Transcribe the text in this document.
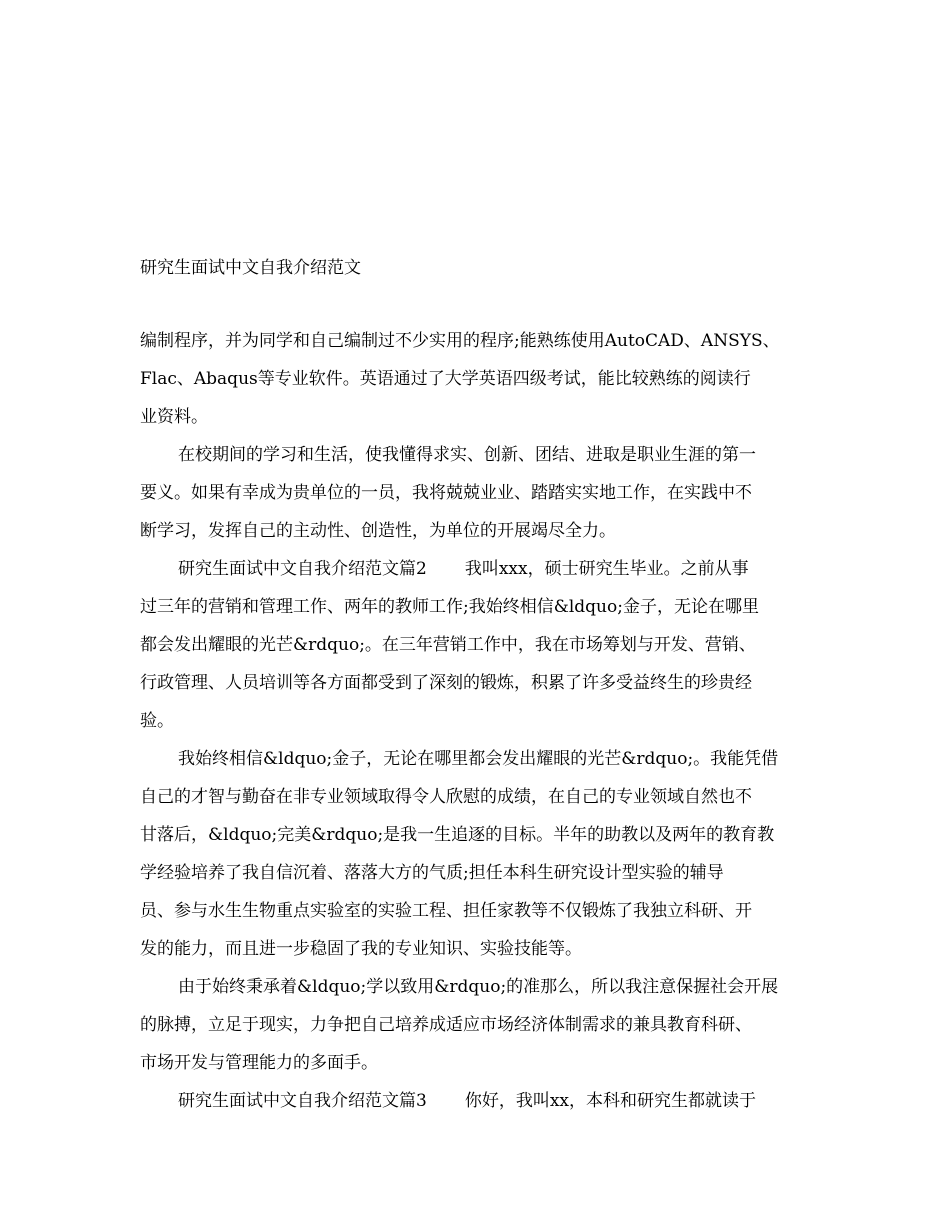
研究生面试中文自我介绍范文
编制程序，并为同学和自己编制过不少实用的程序;能熟练使用AutoCAD、ANSYS、
Flac、Abaqus等专业软件。英语通过了大学英语四级考试，能比较熟练的阅读行
业资料。
在校期间的学习和生活，使我懂得求实、创新、团结、进取是职业生涯的第一
要义。如果有幸成为贵单位的一员，我将兢兢业业、踏踏实实地工作，在实践中不
断学习，发挥自己的主动性、创造性，为单位的开展竭尽全力。
研究生面试中文自我介绍范文篇2 我叫xxx，硕士研究生毕业。之前从事
过三年的营销和管理工作、两年的教师工作;我始终相信&ldquo;金子，无论在哪里
都会发出耀眼的光芒&rdquo;。在三年营销工作中，我在市场筹划与开发、营销、
行政管理、人员培训等各方面都受到了深刻的锻炼，积累了许多受益终生的珍贵经
验。
我始终相信&ldquo;金子，无论在哪里都会发出耀眼的光芒&rdquo;。我能凭借
自己的才智与勤奋在非专业领域取得令人欣慰的成绩，在自己的专业领域自然也不
甘落后，&ldquo;完美&rdquo;是我一生追逐的目标。半年的助教以及两年的教育教
学经验培养了我自信沉着、落落大方的气质;担任本科生研究设计型实验的辅导
员、参与水生生物重点实验室的实验工程、担任家教等不仅锻炼了我独立科研、开
发的能力，而且进一步稳固了我的专业知识、实验技能等。
由于始终秉承着&ldquo;学以致用&rdquo;的准那么，所以我注意保握社会开展
的脉搏，立足于现实，力争把自己培养成适应市场经济体制需求的兼具教育科研、
市场开发与管理能力的多面手。
研究生面试中文自我介绍范文篇3 你好，我叫xx，本科和研究生都就读于
